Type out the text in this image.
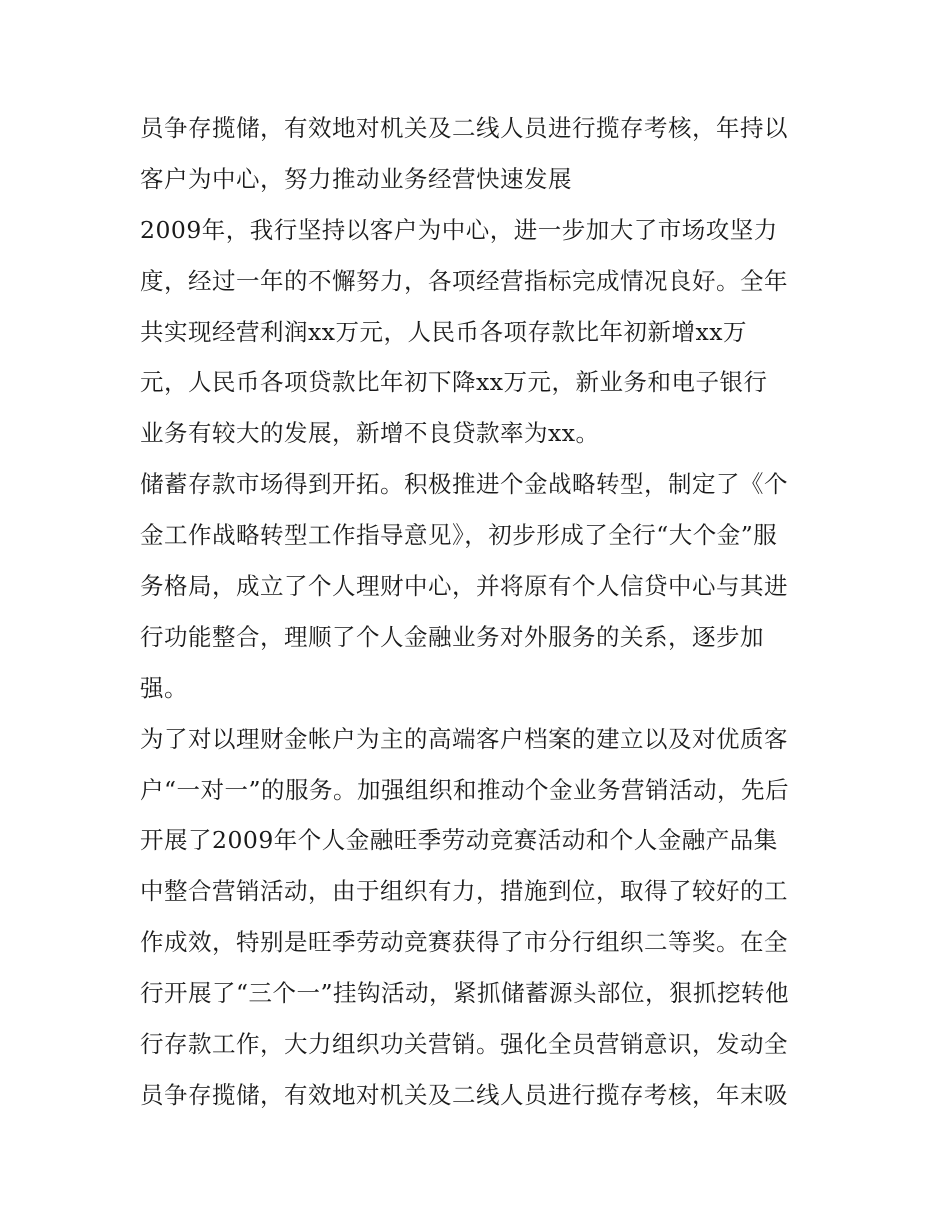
员争存揽储，有效地对机关及二线人员进行揽存考核，年持以
客户为中心，努力推动业务经营快速发展
2009年，我行坚持以客户为中心，进一步加大了市场攻坚力
度，经过一年的不懈努力，各项经营指标完成情况良好。全年
共实现经营利润xx万元，人民币各项存款比年初新增xx万
元，人民币各项贷款比年初下降xx万元，新业务和电子银行
业务有较大的发展，新增不良贷款率为xx。
储蓄存款市场得到开拓。积极推进个金战略转型，制定了《个
金工作战略转型工作指导意见》，初步形成了全行“大个金”服
务格局，成立了个人理财中心，并将原有个人信贷中心与其进
行功能整合，理顺了个人金融业务对外服务的关系，逐步加
强。
为了对以理财金帐户为主的高端客户档案的建立以及对优质客
户“一对一”的服务。加强组织和推动个金业务营销活动，先后
开展了2009年个人金融旺季劳动竞赛活动和个人金融产品集
中整合营销活动，由于组织有力，措施到位，取得了较好的工
作成效，特别是旺季劳动竞赛获得了市分行组织二等奖。在全
行开展了“三个一”挂钩活动，紧抓储蓄源头部位，狠抓挖转他
行存款工作，大力组织功关营销。强化全员营销意识，发动全
员争存揽储，有效地对机关及二线人员进行揽存考核，年末吸
